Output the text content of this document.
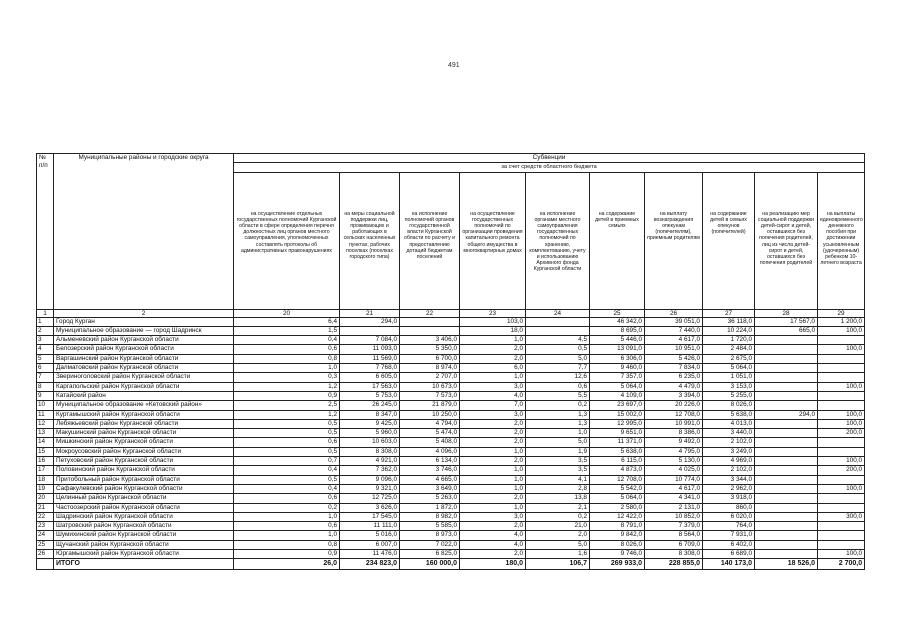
491
№ п/п	Муниципальные районы и городские округа	Субвенции									
		за счет средств областного бюджета									
		на осуществление отдельных государственных полномочий Курганской области в сфере определения перечня должностных лиц органов местного самоуправления, уполномоченных составлять протоколы об административных правонарушениях	на меры социальной поддержки лиц, проживающих и работающих в сельских населенных пунктах, рабочих поселках (поселках городского типа)	на исполнение полномочий органов государственной власти Курганской области по расчету и предоставлению дотаций бюджетам поселений	на осуществление государственных полномочий по организации проведения капитального ремонта общего имущества в многоквартирных домах	на исполнение органами местного самоуправления государственных полномочий по хранению, комплектованию, учету и использованию Архивного фонда Курганской области	на содержание детей в приемных семьях	на выплату вознаграждения опекунам (попечителям), приемным родителям	на содержание детей в семьях опекунов (попечителей)	на реализацию мер социальной поддержки детей-сирот и детей, оставшихся без попечения родителей, лиц из числа детей-сирот и детей, оставшихся без попечения родителей	на выплаты единовременного денежного пособия при достижении усыновленным (удочеренным) ребенком 10-летнего возраста
1	2	20	21	22	23	24	25	26	27	28	29
1	Город Курган	6,4	294,0		103,0		46 342,0	39 051,0	36 118,0	17 567,0	1 200,0
2	Муниципальное образование — город Шадринск	1,5			18,0		8 695,0	7 440,0	10 224,0	665,0	100,0
3	Альменевский район Курганской области	0,4	7 084,0	3 406,0	1,0	4,5	5 446,0	4 617,0	1 720,0		
4	Белозерский район Курганской области	0,6	11 093,0	5 350,0	2,0	0,5	13 091,0	10 951,0	2 484,0		100,0
5	Варгашинский район Курганской области	0,8	11 569,0	6 700,0	2,0	5,0	6 306,0	5 426,0	2 675,0		
6	Далматовский район Курганской области	1,0	7 768,0	8 974,0	6,0	7,7	9 460,0	7 834,0	5 064,0		
7	Звериноголовский район Курганской области	0,3	6 605,0	2 707,0	1,0	12,6	7 357,0	6 235,0	1 051,0		
8	Каргапольский район Курганской области	1,2	17 563,0	10 673,0	3,0	0,6	5 064,0	4 479,0	3 153,0		100,0
9	Катайский район	0,9	5 753,0	7 573,0	4,0	5,5	4 109,0	3 394,0	5 255,0		
10	Муниципальное образование «Кетовский район»	2,5	26 245,0	21 879,0	7,0	0,2	23 697,0	20 226,0	8 026,0		
11	Куртамышский район Курганской области	1,2	8 347,0	10 250,0	3,0	1,3	15 002,0	12 708,0	5 638,0	294,0	100,0
12	Лебяжьевский район Курганской области	0,5	9 425,0	4 794,0	2,0	1,3	12 995,0	10 991,0	4 013,0		100,0
13	Макушинский район Курганской области	0,5	5 960,0	5 474,0	2,0	1,0	9 651,0	8 386,0	3 440,0		200,0
14	Мишкинский район Курганской области	0,6	10 603,0	5 408,0	2,0	5,0	11 371,0	9 492,0	2 102,0		
15	Мокроусовский район Курганской области	0,5	8 308,0	4 096,0	1,0	1,9	5 638,0	4 795,0	3 249,0		
16	Петуховский район Курганской области	0,7	4 921,0	6 134,0	2,0	3,5	6 115,0	5 130,0	4 969,0		100,0
17	Половинский район Курганской области	0,4	7 362,0	3 746,0	1,0	3,5	4 873,0	4 025,0	2 102,0		200,0
18	Притобольный район Курганской области	0,5	9 096,0	4 665,0	1,0	4,1	12 708,0	10 774,0	3 344,0		
19	Сафакулевский район Курганской области	0,4	9 321,0	3 649,0	1,0	2,8	5 542,0	4 617,0	2 962,0		100,0
20	Целинный район Курганской области	0,6	12 725,0	5 263,0	2,0	13,8	5 064,0	4 341,0	3 918,0		
21	Частоозерский район Курганской области	0,2	3 626,0	1 872,0	1,0	2,1	2 580,0	2 131,0	860,0		
22	Шадринский район Курганской области	1,0	17 545,0	8 982,0	3,0	0,2	12 422,0	10 852,0	6 020,0		300,0
23	Шатровский район Курганской области	0,6	11 111,0	5 585,0	2,0	21,0	8 791,0	7 379,0	764,0		
24	Шумихинский район Курганской области	1,0	5 016,0	8 973,0	4,0	2,0	9 842,0	8 564,0	7 931,0		
25	Щучанский район Курганской области	0,8	6 007,0	7 022,0	4,0	5,0	8 026,0	6 709,0	6 402,0		
26	Юргамышский район Курганской области	0,9	11 476,0	6 825,0	2,0	1,6	9 746,0	8 308,0	6 689,0		100,0
	ИТОГО	26,0	234 823,0	160 000,0	180,0	106,7	269 933,0	228 855,0	140 173,0	18 526,0	2 700,0
